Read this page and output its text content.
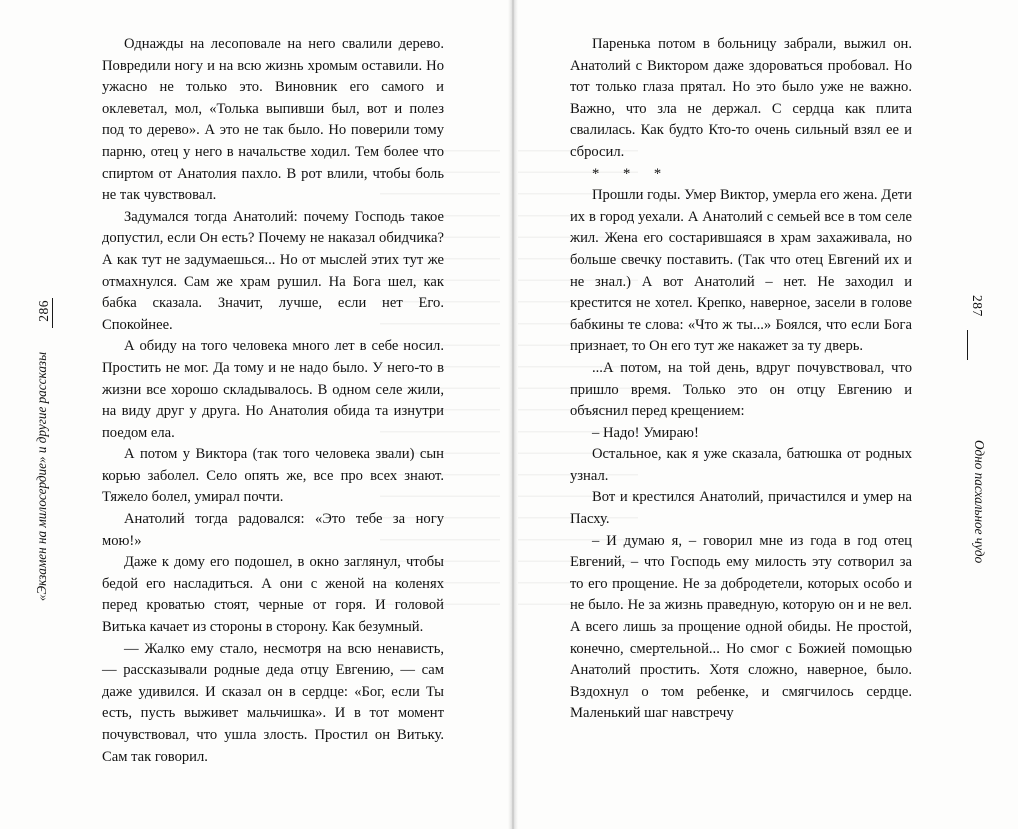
286
«Экзамен на милосердие» и другие рассказы

Однажды на лесоповале на него свалили дерево. Повредили ногу и на всю жизнь хромым оставили. Но ужасно не только это. Виновник его самого и оклеветал, мол, «Толька выпивши был, вот и полез под то дерево». А это не так было. Но поверили тому парню, отец у него в начальстве ходил. Тем более что спиртом от Анатолия пахло. В рот влили, чтобы боль не так чувствовал.

Задумался тогда Анатолий: почему Господь такое допустил, если Он есть? Почему не наказал обидчика? А как тут не задумаешься... Но от мыслей этих тут же отмахнулся. Сам же храм рушил. На Бога шел, как бабка сказала. Значит, лучше, если нет Его. Спокойнее.

А обиду на того человека много лет в себе носил. Простить не мог. Да тому и не надо было. У него-то в жизни все хорошо складывалось. В одном селе жили, на виду друг у друга. Но Анатолия обида та изнутри поедом ела.

А потом у Виктора (так того человека звали) сын корью заболел. Село опять же, все про всех знают. Тяжело болел, умирал почти.

Анатолий тогда радовался: «Это тебе за ногу мою!»

Даже к дому его подошел, в окно заглянул, чтобы бедой его насладиться. А они с женой на коленях перед кроватью стоят, черные от горя. И головой Витька качает из стороны в сторону. Как безумный.

— Жалко ему стало, несмотря на всю ненависть, — рассказывали родные деда отцу Евгению, — сам даже удивился. И сказал он в сердце: «Бог, если Ты есть, пусть выживет мальчишка». И в тот момент почувствовал, что ушла злость. Простил он Витьку. Сам так говорил.

287
Одно пасхальное чудо

Паренька потом в больницу забрали, выжил он. Анатолий с Виктором даже здороваться пробовал. Но тот только глаза прятал. Но это было уже не важно. Важно, что зла не держал. С сердца как плита свалилась. Как будто Кто-то очень сильный взял ее и сбросил.

* * *

Прошли годы. Умер Виктор, умерла его жена. Дети их в город уехали. А Анатолий с семьей все в том селе жил. Жена его состарившаяся в храм захаживала, но больше свечку поставить. (Так что отец Евгений их и не знал.) А вот Анатолий – нет. Не заходил и крестится не хотел. Крепко, наверное, засели в голове бабкины те слова: «Что ж ты...» Боялся, что если Бога признает, то Он его тут же накажет за ту дверь.

...А потом, на той день, вдруг почувствовал, что пришло время. Только это он отцу Евгению и объяснил перед крещением:

– Надо! Умираю!

Остальное, как я уже сказала, батюшка от родных узнал.

Вот и крестился Анатолий, причастился и умер на Пасху.

– И думаю я, – говорил мне из года в год отец Евгений, – что Господь ему милость эту сотворил за то его прощение. Не за добродетели, которых особо и не было. Не за жизнь праведную, которую он и не вел. А всего лишь за прощение одной обиды. Не простой, конечно, смертельной... Но смог с Божией помощью Анатолий простить. Хотя сложно, наверное, было. Вздохнул о том ребенке, и смягчилось сердце. Маленький шаг навстречу
